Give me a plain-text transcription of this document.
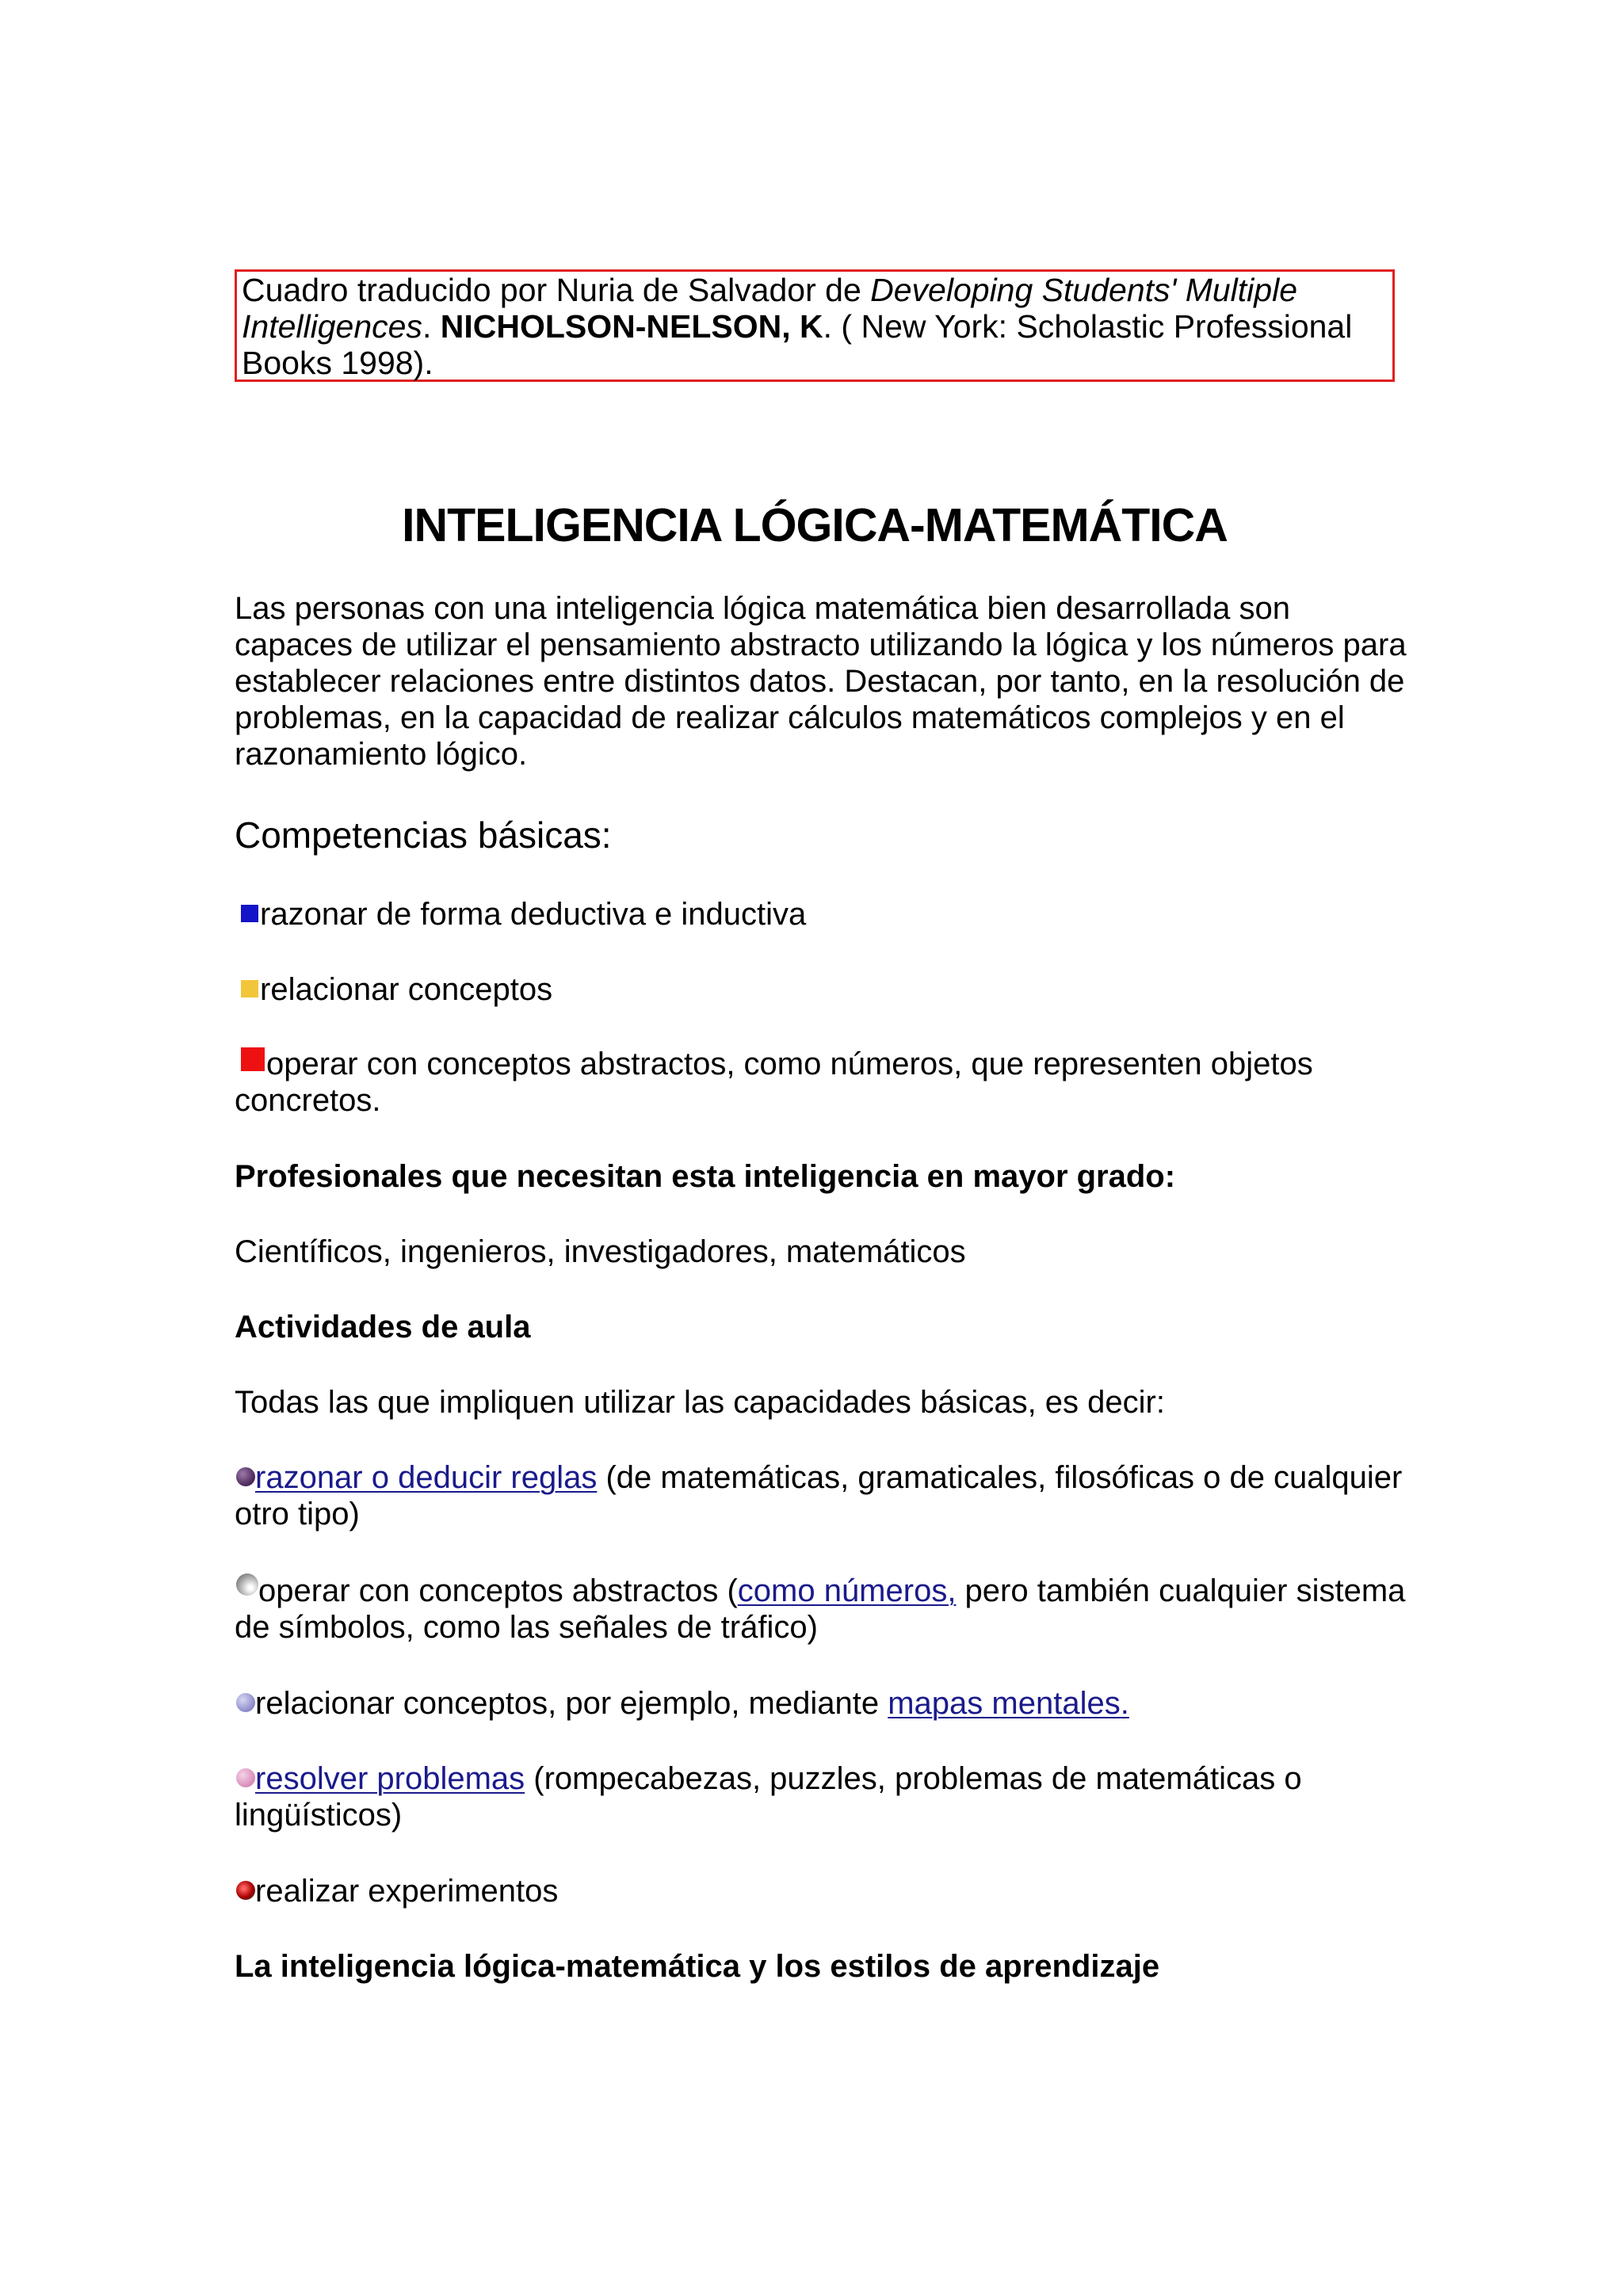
Cuadro traducido por Nuria de Salvador de Developing Students' Multiple Intelligences. NICHOLSON-NELSON, K. ( New York: Scholastic Professional Books 1998).
INTELIGENCIA LÓGICA-MATEMÁTICA
Las personas con una inteligencia lógica matemática bien desarrollada son capaces de utilizar el pensamiento abstracto utilizando la lógica y los números para establecer relaciones entre distintos datos. Destacan, por tanto, en la resolución de problemas, en la capacidad de realizar cálculos matemáticos complejos y en el razonamiento lógico.
Competencias básicas:
razonar de forma deductiva e inductiva
relacionar conceptos
operar con conceptos abstractos, como números, que representen objetos concretos.
Profesionales que necesitan esta inteligencia en mayor grado:
Científicos, ingenieros, investigadores, matemáticos
Actividades de aula
Todas las que impliquen utilizar las capacidades básicas, es decir:
razonar o deducir reglas (de matemáticas, gramaticales, filosóficas o de cualquier otro tipo)
operar con conceptos abstractos (como números, pero también cualquier sistema de símbolos, como las señales de tráfico)
relacionar conceptos, por ejemplo, mediante mapas mentales.
resolver problemas (rompecabezas, puzzles, problemas de matemáticas o lingüísticos)
realizar experimentos
La inteligencia lógica-matemática y los estilos de aprendizaje
